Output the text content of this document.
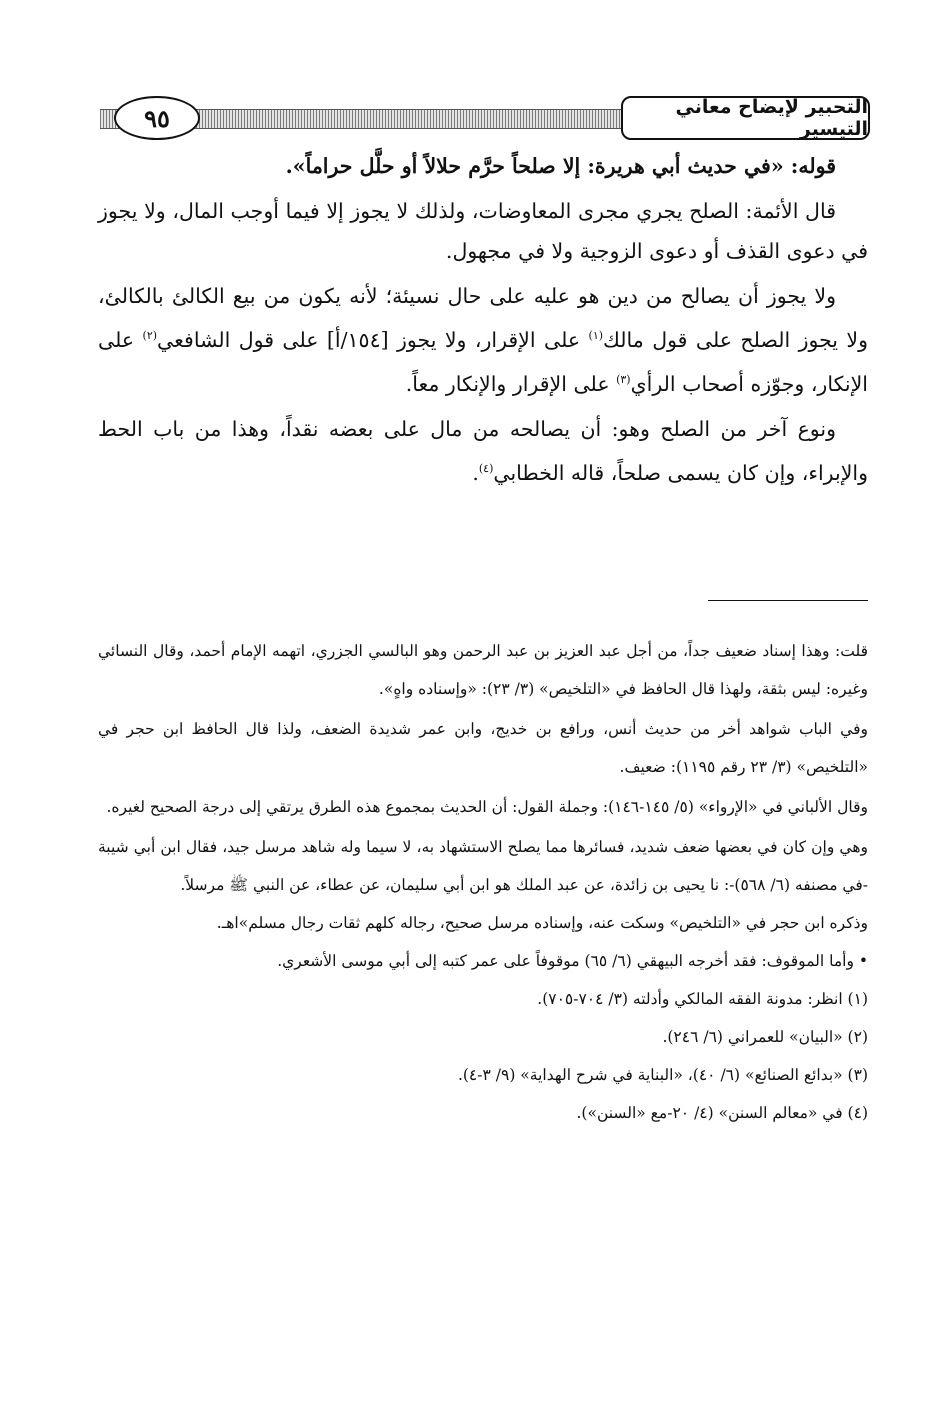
٩٥	التحبير لإيضاح معاني التيسير

قوله: «في حديث أبي هريرة: إلا صلحاً حرَّم حلالاً أو حلَّل حراماً».

قال الأئمة: الصلح يجري مجرى المعاوضات، ولذلك لا يجوز إلا فيما أوجب المال، ولا يجوز في دعوى القذف أو دعوى الزوجية ولا في مجهول.

ولا يجوز أن يصالح من دين هو عليه على حال نسيئة؛ لأنه يكون من بيع الكالئ بالكالئ، ولا يجوز الصلح على قول مالك$^{(١)}$ على الإقرار، ولا يجوز [١٥٤/أ] على قول الشافعي$^{(٢)}$ على الإنكار، وجوّزه أصحاب الرأي$^{(٣)}$ على الإقرار والإنكار معاً.

ونوع آخر من الصلح وهو: أن يصالحه من مال على بعضه نقداً، وهذا من باب الحط والإبراء، وإن كان يسمى صلحاً، قاله الخطابي$^{(٤)}$.

قلت: وهذا إسناد ضعيف جداً، من أجل عبد العزيز بن عبد الرحمن وهو البالسي الجزري، اتهمه الإمام أحمد، وقال النسائي وغيره: ليس بثقة، ولهذا قال الحافظ في «التلخيص» (٣/ ٢٣): «وإسناده واهٍ».

وفي الباب شواهد أخر من حديث أنس، ورافع بن خديج، وابن عمر شديدة الضعف، ولذا قال الحافظ ابن حجر في «التلخيص» (٣/ ٢٣ رقم ١١٩٥): ضعيف.

وقال الألباني في «الإرواء» (٥/ ١٤٥-١٤٦): وجملة القول: أن الحديث بمجموع هذه الطرق يرتقي إلى درجة الصحيح لغيره.

وهي وإن كان في بعضها ضعف شديد، فسائرها مما يصلح الاستشهاد به، لا سيما وله شاهد مرسل جيد، فقال ابن أبي شيبة -في مصنفه (٦/ ٥٦٨)-: نا يحيى بن زائدة، عن عبد الملك هو ابن أبي سليمان، عن عطاء، عن النبي ﷺ مرسلاً.

وذكره ابن حجر في «التلخيص» وسكت عنه، وإسناده مرسل صحيح، رجاله كلهم ثقات رجال مسلم»اهـ.

• وأما الموقوف: فقد أخرجه البيهقي (٦/ ٦٥) موقوفاً على عمر كتبه إلى أبي موسى الأشعري.

(١) انظر: مدونة الفقه المالكي وأدلته (٣/ ٧٠٤-٧٠٥).

(٢) «البيان» للعمراني (٦/ ٢٤٦).

(٣) «بدائع الصنائع» (٦/ ٤٠)، «البناية في شرح الهداية» (٩/ ٣-٤).

(٤) في «معالم السنن» (٤/ ٢٠-مع «السنن»).
